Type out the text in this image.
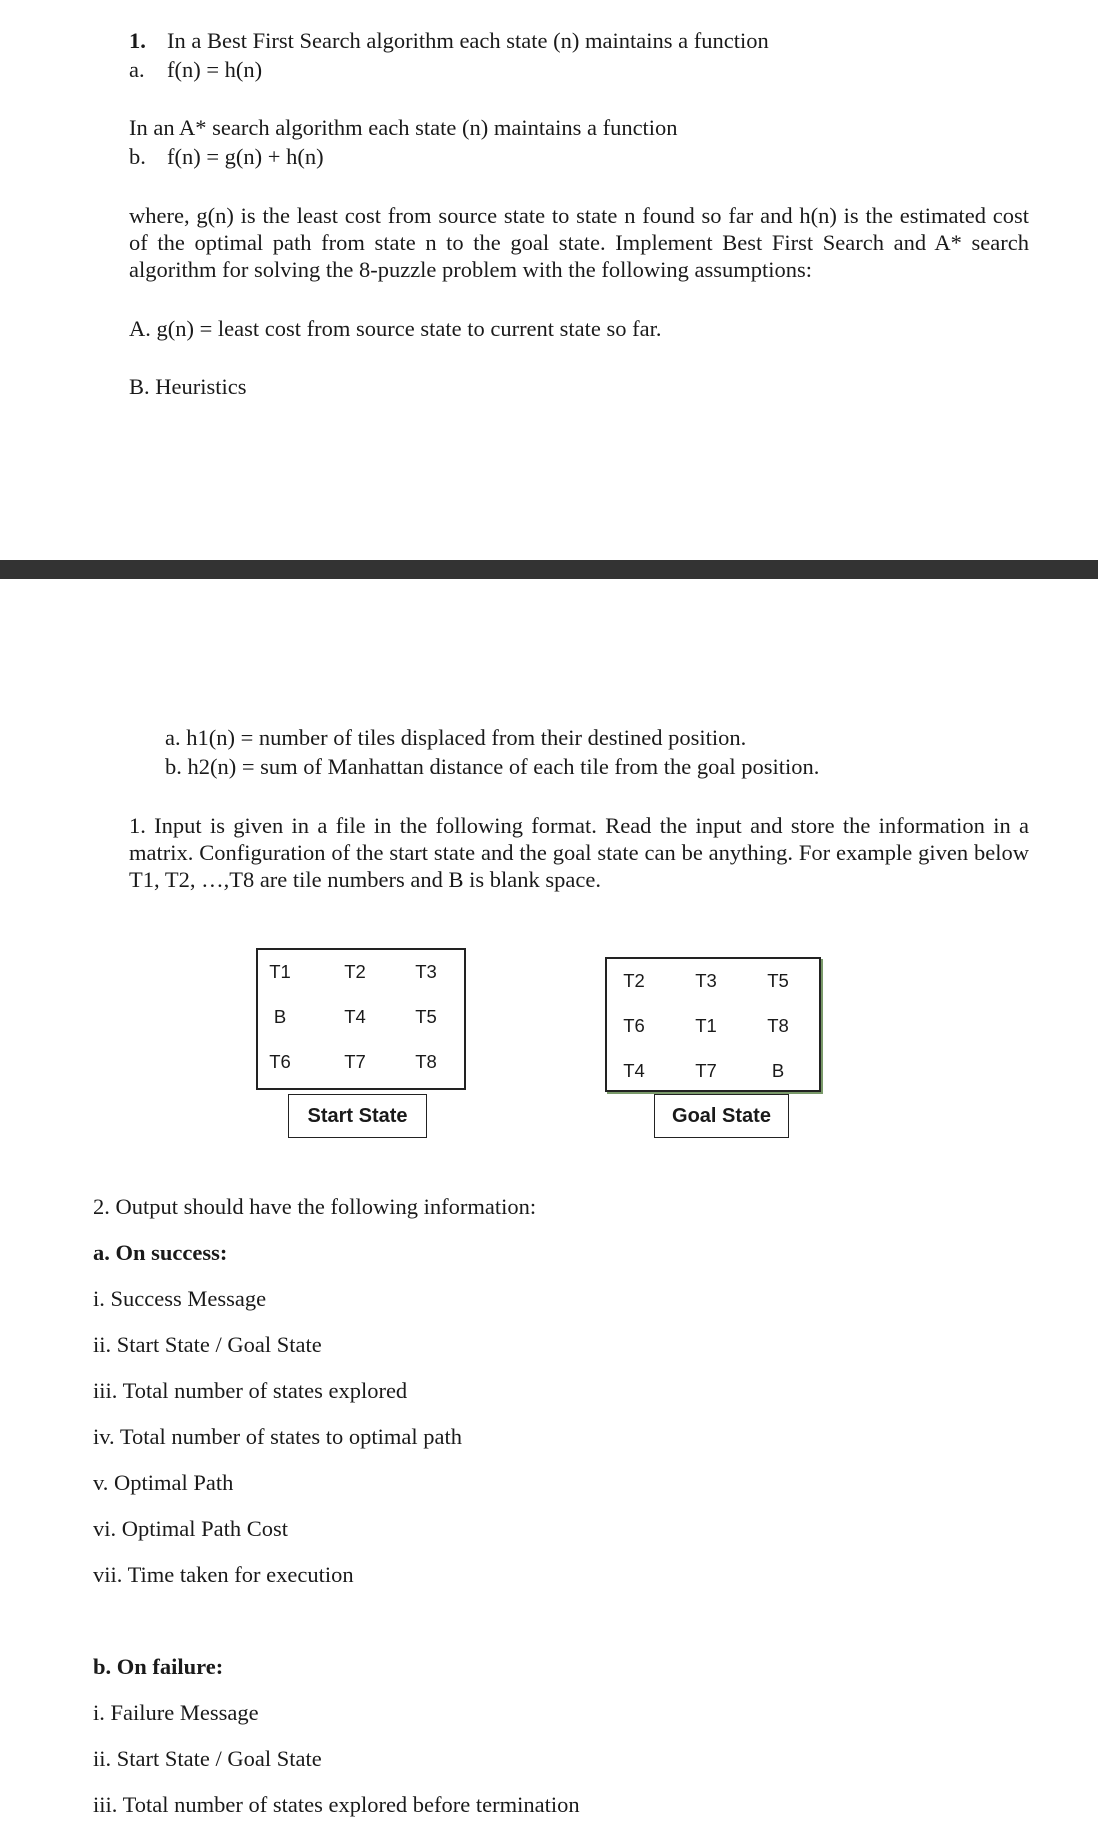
1. In a Best First Search algorithm each state (n) maintains a function
a. f(n) = h(n)
In an A* search algorithm each state (n) maintains a function
b. f(n) = g(n) + h(n)
where, g(n) is the least cost from source state to state n found so far and h(n) is the estimated cost of the optimal path from state n to the goal state. Implement Best First Search and A* search algorithm for solving the 8-puzzle problem with the following assumptions:
A. g(n) = least cost from source state to current state so far.
B. Heuristics
a. h1(n) = number of tiles displaced from their destined position.
b. h2(n) = sum of Manhattan distance of each tile from the goal position.
1. Input is given in a file in the following format. Read the input and store the information in a matrix. Configuration of the start state and the goal state can be anything. For example given below T1, T2, …,T8 are tile numbers and B is blank space.
T1	T2	T3
B	T4	T5
T6	T7	T8
Start State
T2	T3	T5
T6	T1	T8
T4	T7	B
Goal State
2. Output should have the following information:
a. On success:
i. Success Message
ii. Start State / Goal State
iii. Total number of states explored
iv. Total number of states to optimal path
v. Optimal Path
vi. Optimal Path Cost
vii. Time taken for execution
b. On failure:
i. Failure Message
ii. Start State / Goal State
iii. Total number of states explored before termination
